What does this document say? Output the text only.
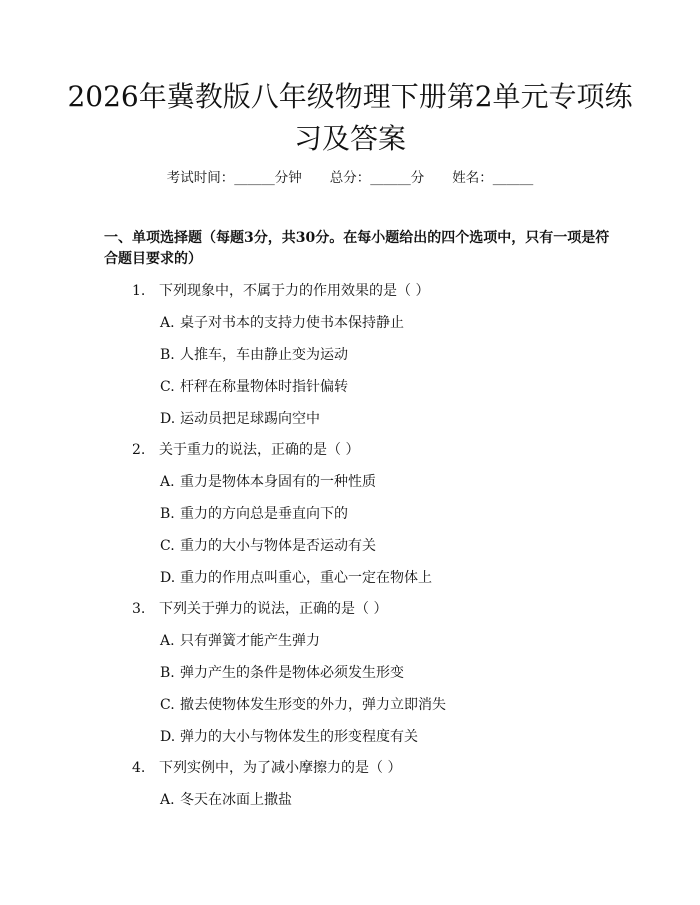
2026年冀教版八年级物理下册第2单元专项练习及答案
考试时间：______分钟 总分：______分 姓名：______
一、单项选择题（每题3分，共30分。在每小题给出的四个选项中，只有一项是符合题目要求的）
1. 下列现象中，不属于力的作用效果的是（ ）
A. 桌子对书本的支持力使书本保持静止
B. 人推车，车由静止变为运动
C. 杆秤在称量物体时指针偏转
D. 运动员把足球踢向空中
2. 关于重力的说法，正确的是（ ）
A. 重力是物体本身固有的一种性质
B. 重力的方向总是垂直向下的
C. 重力的大小与物体是否运动有关
D. 重力的作用点叫重心，重心一定在物体上
3. 下列关于弹力的说法，正确的是（ ）
A. 只有弹簧才能产生弹力
B. 弹力产生的条件是物体必须发生形变
C. 撤去使物体发生形变的外力，弹力立即消失
D. 弹力的大小与物体发生的形变程度有关
4. 下列实例中，为了减小摩擦力的是（ ）
A. 冬天在冰面上撒盐
